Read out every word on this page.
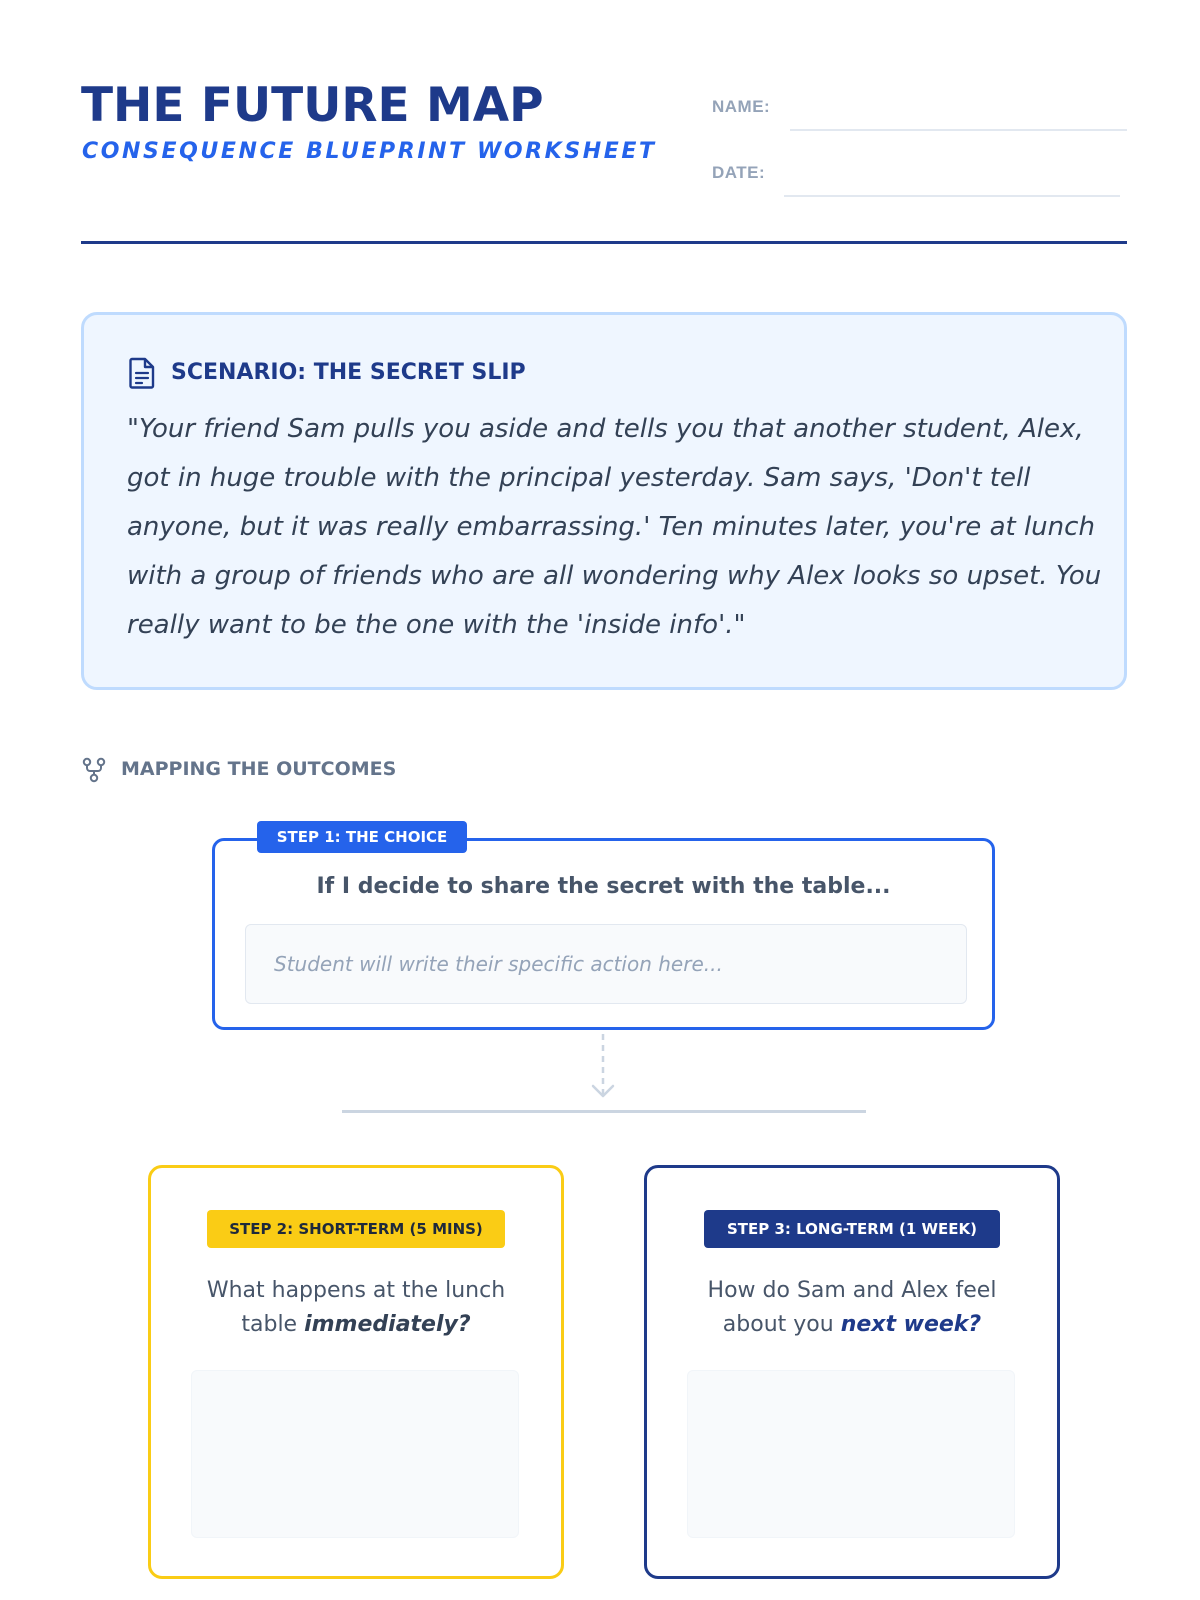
THE FUTURE MAP
CONSEQUENCE BLUEPRINT WORKSHEET
NAME:
DATE:
SCENARIO: THE SECRET SLIP
"Your friend Sam pulls you aside and tells you that another student, Alex, got in huge trouble with the principal yesterday. Sam says, 'Don't tell anyone, but it was really embarrassing.' Ten minutes later, you're at lunch with a group of friends who are all wondering why Alex looks so upset. You really want to be the one with the 'inside info'."
MAPPING THE OUTCOMES
STEP 1: THE CHOICE
If I decide to share the secret with the table...
Student will write their specific action here...
STEP 2: SHORT-TERM (5 MINS)
What happens at the lunch
table immediately?
STEP 3: LONG-TERM (1 WEEK)
How do Sam and Alex feel
about you next week?
